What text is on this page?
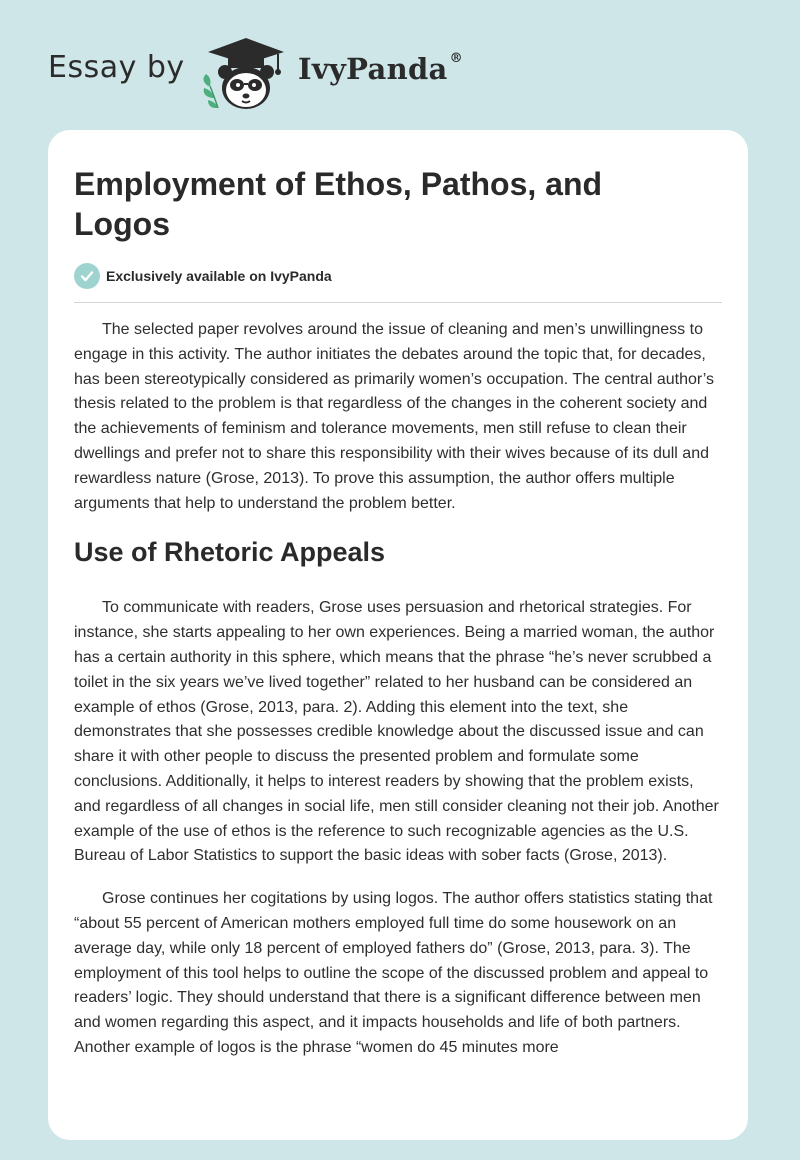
Essay by	IvyPanda ®
Employment of Ethos, Pathos, and Logos
Exclusively available on IvyPanda

The selected paper revolves around the issue of cleaning and men’s unwillingness to engage in this activity. The author initiates the debates around the topic that, for decades, has been stereotypically considered as primarily women’s occupation. The central author’s thesis related to the problem is that regardless of the changes in the coherent society and the achievements of feminism and tolerance movements, men still refuse to clean their dwellings and prefer not to share this responsibility with their wives because of its dull and rewardless nature (Grose, 2013). To prove this assumption, the author offers multiple arguments that help to understand the problem better.

Use of Rhetoric Appeals

To communicate with readers, Grose uses persuasion and rhetorical strategies. For instance, she starts appealing to her own experiences. Being a married woman, the author has a certain authority in this sphere, which means that the phrase “he’s never scrubbed a toilet in the six years we’ve lived together” related to her husband can be considered an example of ethos (Grose, 2013, para. 2). Adding this element into the text, she demonstrates that she possesses credible knowledge about the discussed issue and can share it with other people to discuss the presented problem and formulate some conclusions. Additionally, it helps to interest readers by showing that the problem exists, and regardless of all changes in social life, men still consider cleaning not their job. Another example of the use of ethos is the reference to such recognizable agencies as the U.S. Bureau of Labor Statistics to support the basic ideas with sober facts (Grose, 2013).

Grose continues her cogitations by using logos. The author offers statistics stating that “about 55 percent of American mothers employed full time do some housework on an average day, while only 18 percent of employed fathers do” (Grose, 2013, para. 3). The employment of this tool helps to outline the scope of the discussed problem and appeal to readers’ logic. They should understand that there is a significant difference between men and women regarding this aspect, and it impacts households and life of both partners. Another example of logos is the phrase “women do 45 minutes more
